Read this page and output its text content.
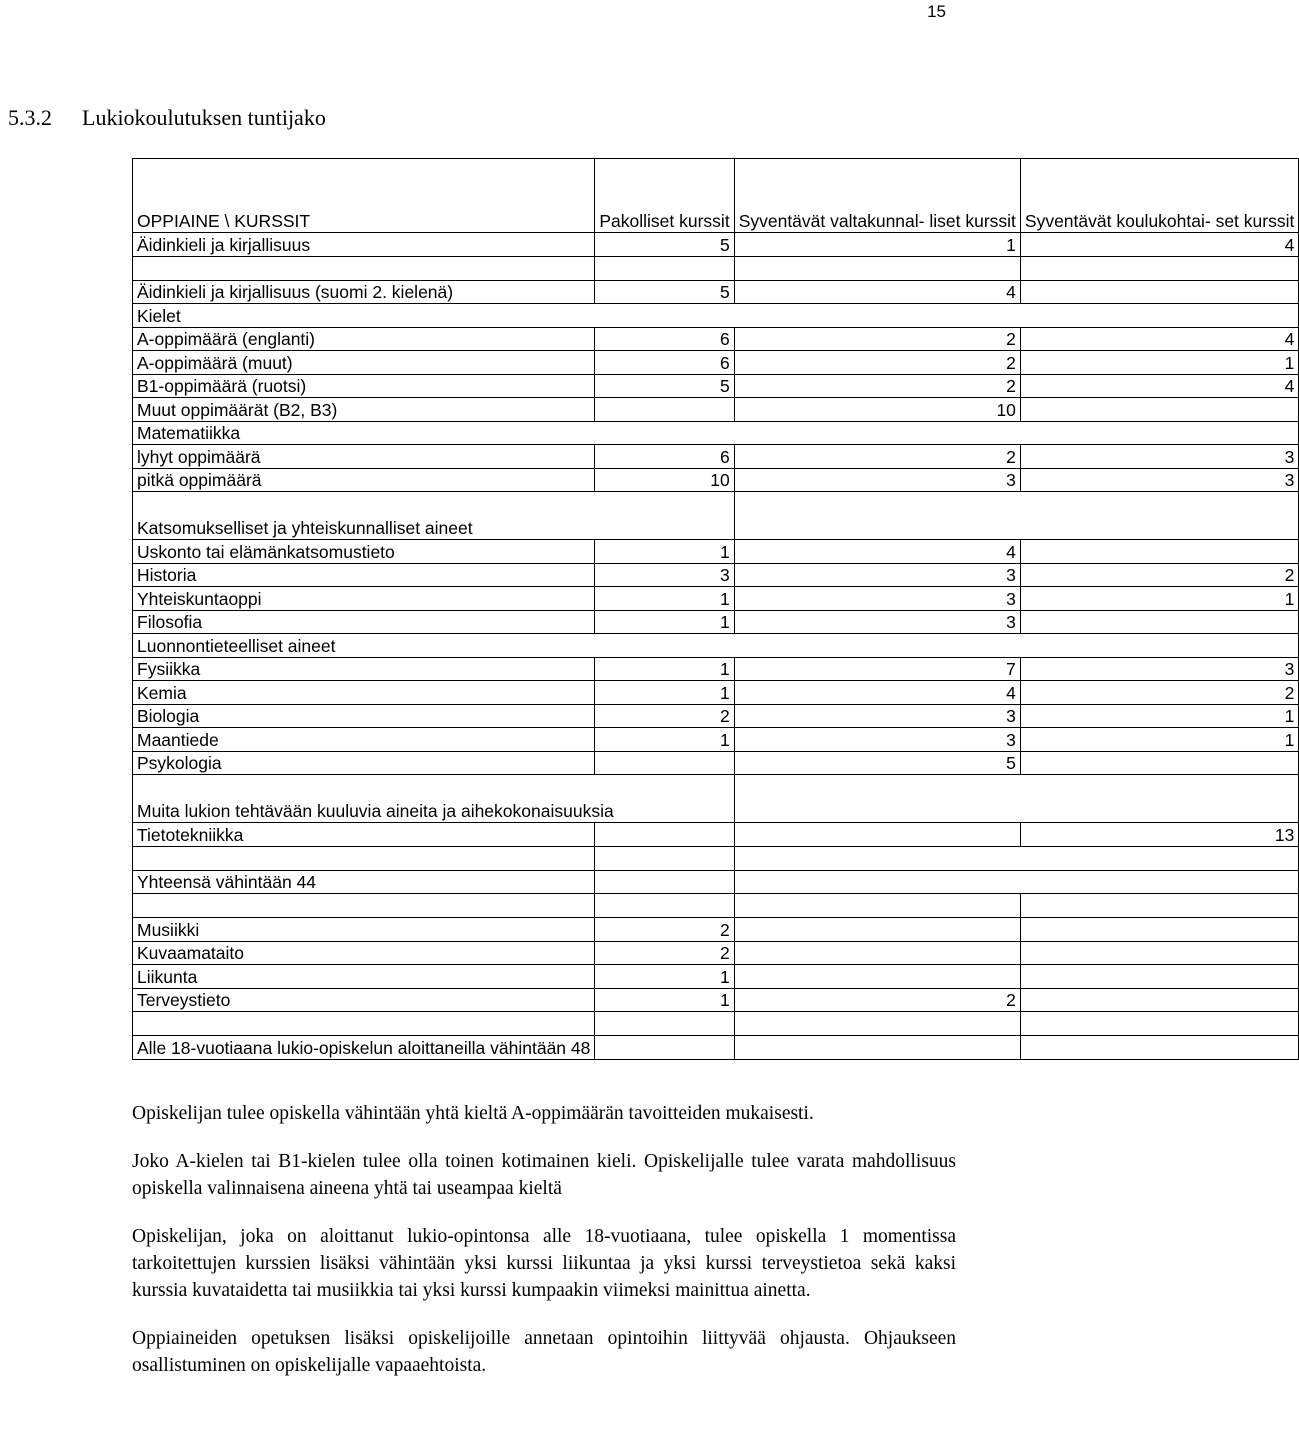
15
5.3.2 Lukiokoulutuksen tuntijako
OPPIAINE \ KURSSIT	Pakolliset kurssit	Syventävät valtakunnal- liset kurssit	Syventävät koulukohtai- set kurssit
Äidinkieli ja kirjallisuus	5	1	4

Äidinkieli ja kirjallisuus (suomi 2. kielenä)	5	4	
Kielet			
A-oppimäärä (englanti)	6	2	4
A-oppimäärä (muut)	6	2	1
B1-oppimäärä (ruotsi)	5	2	4
Muut oppimäärät (B2, B3)		10	
Matematiikka			
lyhyt oppimäärä	6	2	3
pitkä oppimäärä	10	3	3
Katsomukselliset ja yhteiskunnalliset aineet			
Uskonto tai elämänkatsomustieto	1	4	
Historia	3	3	2
Yhteiskuntaoppi	1	3	1
Filosofia	1	3	
Luonnontieteelliset aineet			
Fysiikka	1	7	3
Kemia	1	4	2
Biologia	2	3	1
Maantiede	1	3	1
Psykologia		5	
Muita lukion tehtävään kuuluvia aineita ja aihekokonaisuuksia			
Tietotekniikka			13

Yhteensä vähintään 44			

Musiikki	2		
Kuvaamataito	2		
Liikunta	1		
Terveystieto	1	2	

Alle 18-vuotiaana lukio-opiskelun aloittaneilla vähintään 48			

Opiskelijan tulee opiskella vähintään yhtä kieltä A-oppimäärän tavoitteiden mukaisesti.

Joko A-kielen tai B1-kielen tulee olla toinen kotimainen kieli. Opiskelijalle tulee varata mahdollisuus opiskella valinnaisena aineena yhtä tai useampaa kieltä

Opiskelijan, joka on aloittanut lukio-opintonsa alle 18-vuotiaana, tulee opiskella 1 momentissa tarkoitettujen kurssien lisäksi vähintään yksi kurssi liikuntaa ja yksi kurssi terveystietoa sekä kaksi kurssia kuvataidetta tai musiikkia tai yksi kurssi kumpaakin viimeksi mainittua ainetta.

Oppiaineiden opetuksen lisäksi opiskelijoille annetaan opintoihin liittyvää ohjausta. Ohjaukseen osallistuminen on opiskelijalle vapaaehtoista.
